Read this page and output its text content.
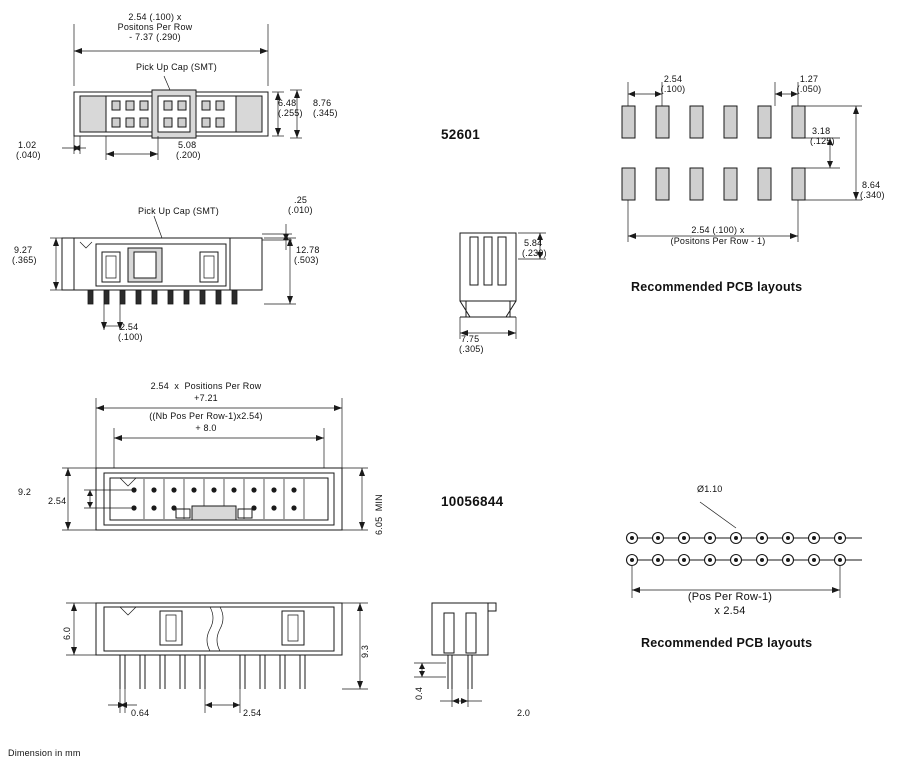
2.54 (.100) x
Positons Per Row
- 7.37 (.290)
Pick Up Cap (SMT)
6.48
(.255)
8.76
(.345)
1.02
(.040)
5.08
(.200)
Pick Up Cap (SMT)
9.27
(.365)
.25
(.010)
12.78
(.503)
2.54
(.100)
52601
5.84
(.230)
7.75
(.305)
2.54
(.100)
1.27
(.050)
3.18
(.125)
8.64
(.340)
2.54 (.100) x
(Positons Per Row - 1)
Recommended PCB layouts
2.54  x  Positions Per Row
+7.21
((Nb Pos Per Row-1)x2.54)
+ 8.0
9.2
2.54	6.05  MIN	10056844
6.0
9.3
0.64	2.54
0.4
2.0
Ø1.10
(Pos Per Row-1)
x 2.54
Recommended PCB layouts
Dimension in mm
